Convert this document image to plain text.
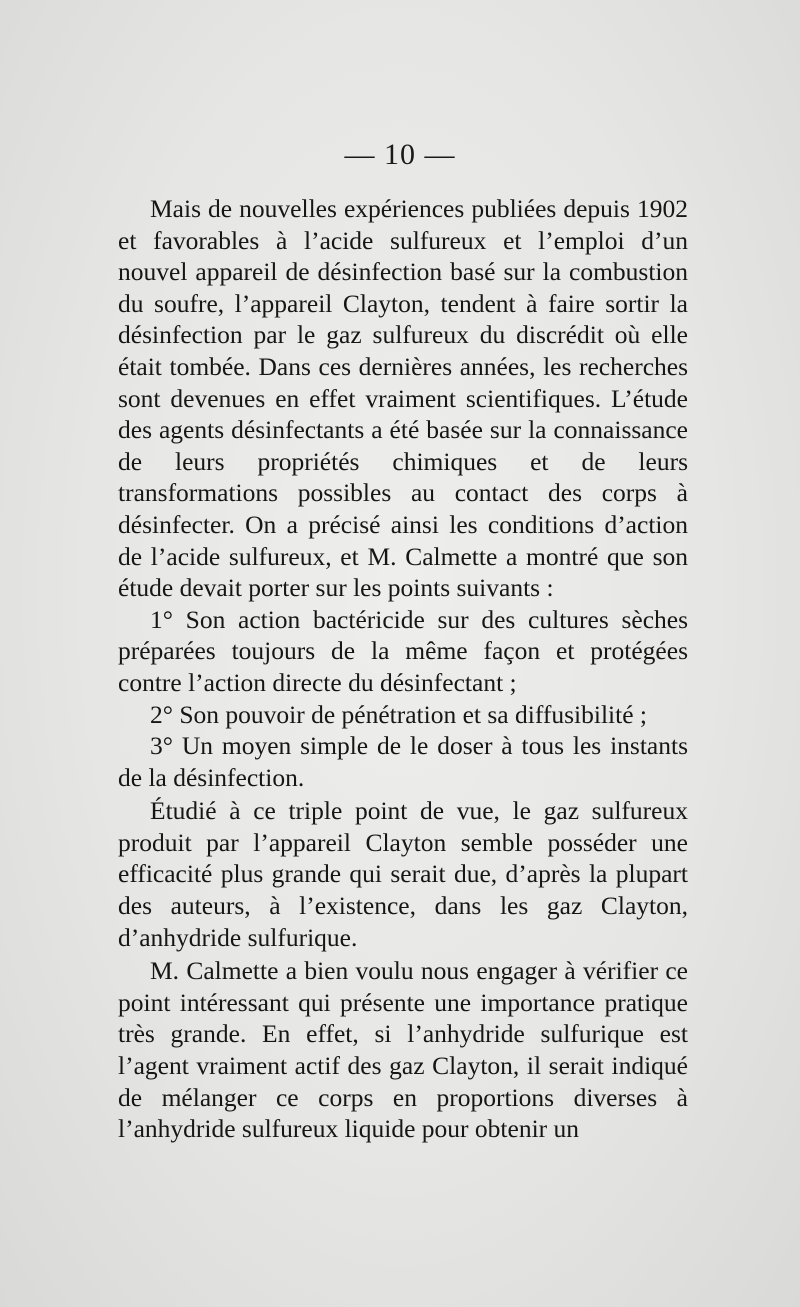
— 10 —

Mais de nouvelles expériences publiées depuis 1902 et favorables à l’acide sulfureux et l’emploi d’un nouvel appareil de désinfection basé sur la combustion du soufre, l’appareil Clayton, tendent à faire sortir la désinfection par le gaz sulfureux du discrédit où elle était tombée. Dans ces dernières années, les recherches sont devenues en effet vraiment scientifiques. L’étude des agents désinfectants a été basée sur la connaissance de leurs propriétés chimiques et de leurs transformations possibles au contact des corps à désinfecter. On a précisé ainsi les conditions d’action de l’acide sulfureux, et M. Calmette a montré que son étude devait porter sur les points suivants :

1° Son action bactéricide sur des cultures sèches préparées toujours de la même façon et protégées contre l’action directe du désinfectant ;

2° Son pouvoir de pénétration et sa diffusibilité ;

3° Un moyen simple de le doser à tous les instants de la désinfection.

Étudié à ce triple point de vue, le gaz sulfureux produit par l’appareil Clayton semble posséder une efficacité plus grande qui serait due, d’après la plupart des auteurs, à l’existence, dans les gaz Clayton, d’anhydride sulfurique.

M. Calmette a bien voulu nous engager à vérifier ce point intéressant qui présente une importance pratique très grande. En effet, si l’anhydride sulfurique est l’agent vraiment actif des gaz Clayton, il serait indiqué de mélanger ce corps en proportions diverses à l’anhydride sulfureux liquide pour obtenir un
